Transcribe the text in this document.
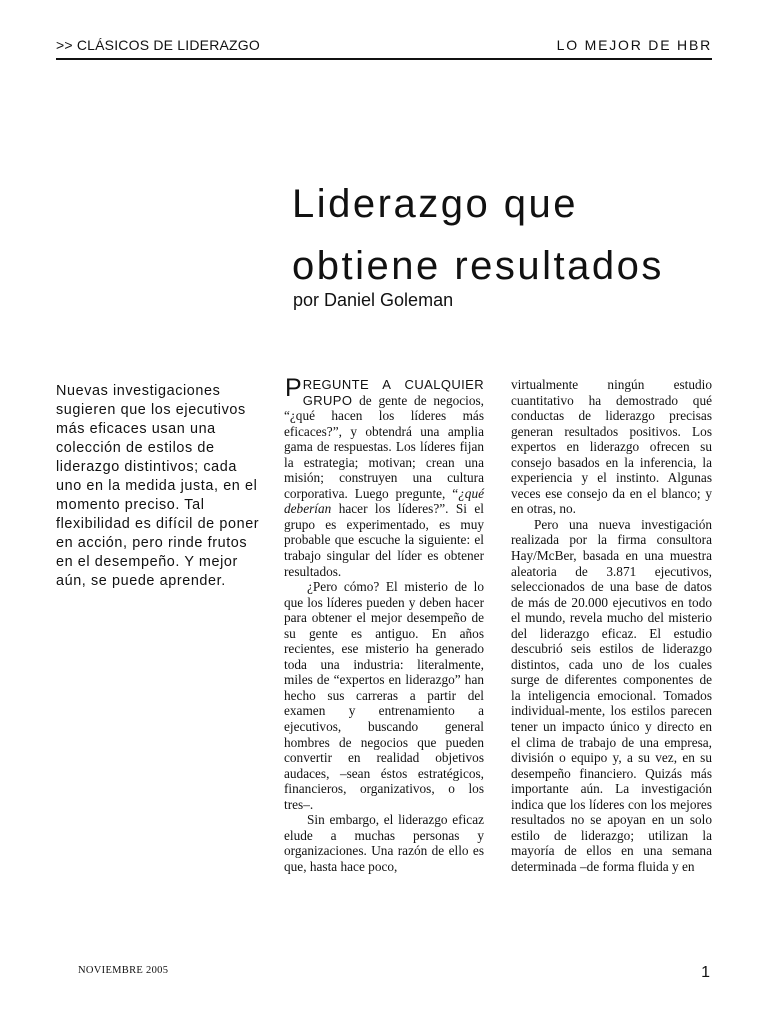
>> CLÁSICOS DE LIDERAZGO	LO MEJOR DE HBR
Liderazgo que
obtiene resultados
por Daniel Goleman
Nuevas investigaciones sugieren que los ejecutivos más eficaces usan una colección de estilos de liderazgo distintivos; cada uno en la medida justa, en el momento preciso. Tal flexibilidad es difícil de poner en acción, pero rinde frutos en el desempeño. Y mejor aún, se puede aprender.

PREGUNTE A CUALQUIER GRUPO de gente de negocios, “¿qué hacen los líderes más eficaces?”, y obtendrá una amplia gama de respuestas. Los líderes fijan la estrategia; motivan; crean una misión; construyen una cultura corporativa. Luego pregunte, “¿qué deberían hacer los líderes?”. Si el grupo es experimentado, es muy probable que escuche la siguiente: el trabajo singular del líder es obtener resultados.

¿Pero cómo? El misterio de lo que los líderes pueden y deben hacer para obtener el mejor desempeño de su gente es antiguo. En años recientes, ese misterio ha generado toda una industria: literalmente, miles de “expertos en liderazgo” han hecho sus carreras a partir del examen y entrenamiento a ejecutivos, buscando general hombres de negocios que pueden convertir en realidad objetivos audaces, –sean éstos estratégicos, financieros, organizativos, o los tres–.

Sin embargo, el liderazgo eficaz elude a muchas personas y organizaciones. Una razón de ello es que, hasta hace poco,

virtualmente ningún estudio cuantitativo ha demostrado qué conductas de liderazgo precisas generan resultados positivos. Los expertos en liderazgo ofrecen su consejo basados en la inferencia, la experiencia y el instinto. Algunas veces ese consejo da en el blanco; y en otras, no.

Pero una nueva investigación realizada por la firma consultora Hay/McBer, basada en una muestra aleatoria de 3.871 ejecutivos, seleccionados de una base de datos de más de 20.000 ejecutivos en todo el mundo, revela mucho del misterio del liderazgo eficaz. El estudio descubrió seis estilos de liderazgo distintos, cada uno de los cuales surge de diferentes componentes de la inteligencia emocional. Tomados individual-mente, los estilos parecen tener un impacto único y directo en el clima de trabajo de una empresa, división o equipo y, a su vez, en su desempeño financiero. Quizás más importante aún. La investigación indica que los líderes con los mejores resultados no se apoyan en un solo estilo de liderazgo; utilizan la mayoría de ellos en una semana determinada –de forma fluida y en

NOVIEMBRE 2005	1
